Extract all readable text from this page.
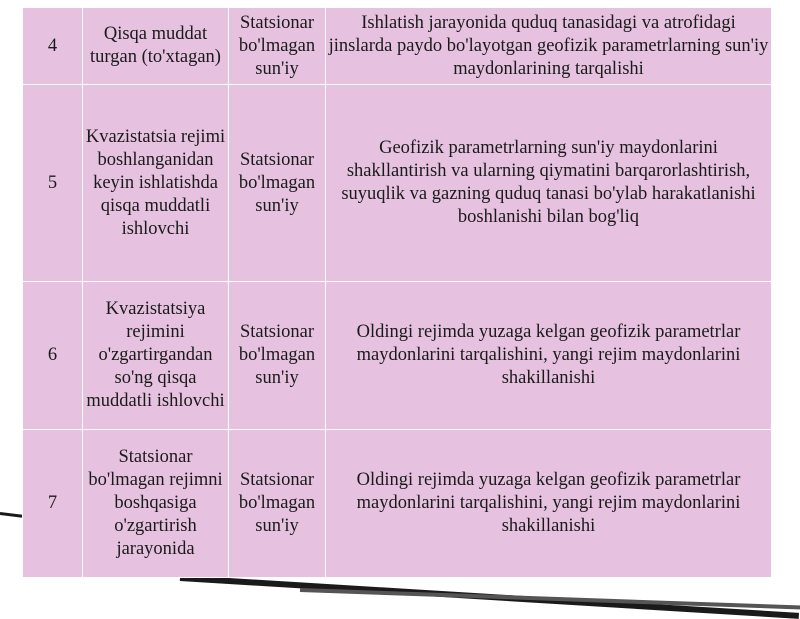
4	Qisqa muddat turgan (to'xtagan)	Statsionar bo'lmagan sun'iy	Ishlatish jarayonida quduq tanasidagi va atrofidagi jinslarda paydo bo'layotgan geofizik parametrlarning sun'iy maydonlarining tarqalishi
5	Kvazistatsia rejimi boshlanganidan keyin ishlatishda qisqa muddatli ishlovchi	Statsionar bo'lmagan sun'iy	Geofizik parametrlarning sun'iy maydonlarini shakllantirish va ularning qiymatini barqarorlashtirish, suyuqlik va gazning quduq tanasi bo'ylab harakatlanishi boshlanishi bilan bog'liq
6	Kvazistatsiya rejimini o'zgartirgandan so'ng qisqa muddatli ishlovchi	Statsionar bo'lmagan sun'iy	Oldingi rejimda yuzaga kelgan geofizik parametrlar maydonlarini tarqalishini, yangi rejim maydonlarini shakillanishi
7	Statsionar bo'lmagan rejimni boshqasiga o'zgartirish jarayonida	Statsionar bo'lmagan sun'iy	Oldingi rejimda yuzaga kelgan geofizik parametrlar maydonlarini tarqalishini, yangi rejim maydonlarini shakillanishi
